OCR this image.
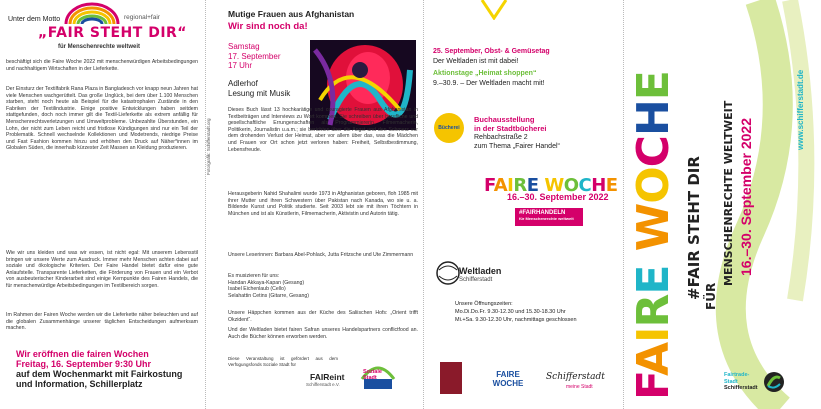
Unter dem Motto	regional+fair
„FAIR STEHT DIR“
für Menschenrechte weltweit
beschäftigt sich die Faire Woche 2022 mit menschenwürdigen Arbeitsbedingungen und nachhaltigem Wirtschaften in der Lieferkette.
Der Einsturz der Textilfabrik Rana Plaza in Bangladesch vor knapp neun Jahren hat viele Menschen wachgerüttelt. Das große Unglück, bei dem über 1.100 Menschen starben, steht noch heute als Beispiel für die katastrophalen Zustände in den Fabriken der Textilindustrie. Einige positive Entwicklungen haben seitdem stattgefunden, doch noch immer gilt die Textil-Lieferkette als extrem anfällig für Menschenrechtsverletzungen und Umweltprobleme. Unbezahlte Überstunden, ein Lohn, der nicht zum Leben reicht und fristlose Kündigungen sind nur ein Teil der Problematik. Schnell wechselnde Kollektionen und Modetrends, niedrige Preise und Fast Fashion kommen hinzu und erhöhen den Druck auf Näher*innen im Globalen Süden, die innerhalb kürzester Zeit Massen an Kleidung produzieren.
Wie wir uns kleiden und was wir essen, ist nicht egal: Mit unserem Lebensstil bringen wir unsere Werte zum Ausdruck. Immer mehr Menschen achten dabei auf soziale und ökologische Kriterien. Der Faire Handel bietet dafür eine gute Anlaufstelle. Transparente Lieferketten, die Förderung von Frauen und ein Verbot von ausbeuterischer Kinderarbeit sind einige Kernpunkte des Fairen Handels, die für menschenwürdige Arbeitsbedingungen im Textilbereich sorgen.
Im Rahmen der Fairen Woche werden wir die Lieferkette näher beleuchten und auf die globalen Zusammenhänge unserer täglichen Entscheidungen aufmerksam machen.
Wir eröffnen die fairen Wochen
Freitag, 16. September 9:30 Uhr
auf dem Wochenmarkt mit Fairkostung
und Information, Schillerplatz
Mutige Frauen aus Afghanistan
Wir sind noch da!
Samstag
17. September
17 Uhr
Adlerhof
Lesung mit Musik
Foto/grafik: Schifferstadt.org
Dieses Buch lässt 13 hochkarätige und couragierte Frauen aus Afghanistan in Textbeiträgen und Interviews zu Wort kommen. Sie schreiben über berufliche und gesellschaftliche Errungenschaften als Programmiererin, Filmemacherin, Politikerin, Journalistin u.a.m.; sie berichten über die Angst und den Schmerz vor dem drohenden Verlust der Heimat, aber vor allem über das, was die Mädchen und Frauen vor Ort schon jetzt verloren haben: Freiheit, Selbstbestimmung, Lebensfreude.
Herausgeberin Nahid Shahalimi wurde 1973 in Afghanistan geboren, floh 1985 mit ihrer Mutter und ihren Schwestern über Pakistan nach Kanada, wo sie u. a. Bildende Kunst und Politik studierte. Seit 2003 lebt sie mit ihren Töchtern in München und ist als Künstlerin, Filmemacherin, Aktivistin und Autorin tätig.
Unsere Leserinnen: Barbara Abel-Pohlack, Jutta Fritzsche und Ute Zimmermann
Es musizieren für uns:
Handan Akkaya-Kapan (Gesang)
Isabel Eichenlaub (Cello)
Selahattin Cetins (Gitarre, Gesang)
Unsere Häppchen kommen aus der Küche des Saliischen Hofs: „Orient trifft Okzident“.
Und der Weltladen bietet fairen Safran unseres Handelspartners conflictfood an. Auch die Bücher können erworben werden.
Diese Veranstaltung ist gefördert aus dem Verfügungsfonds Soziale Stadt für
FAIReint
Schifferstadt e.V.
Soziale Stadt
25. September, Obst- & Gemüsetag
Der Weltladen ist mit dabei!
Aktionstage „Heimat shoppen“
9.–30.9. – Der Weltladen macht mit!
Bücherei
Buchausstellung
in der Stadtbücherei
Rehbachstraße 2
zum Thema „Fairer Handel“
FAIRE WOCHE
16.–30. September 2022
#FAIRHANDELN
für Menschenrechte weltweit
Weltladen
Schifferstadt
Unsere Öffnungszeiten:
Mo.Di.Do.Fr. 9.30-12.30 und 15.30-18.30 Uhr
Mi.+Sa. 9.30-12.30 Uhr, nachmittags geschlossen
FAIRE WOCHE
Schifferstadt
meine Stadt FAIRE WOCHE
#FAIR STEHT DIR FÜR
MENSCHENRECHTE WELTWEIT 16.–30. September 2022
www.schifferstadt.de
Fairtrade-
Stadt
Schifferstadt
